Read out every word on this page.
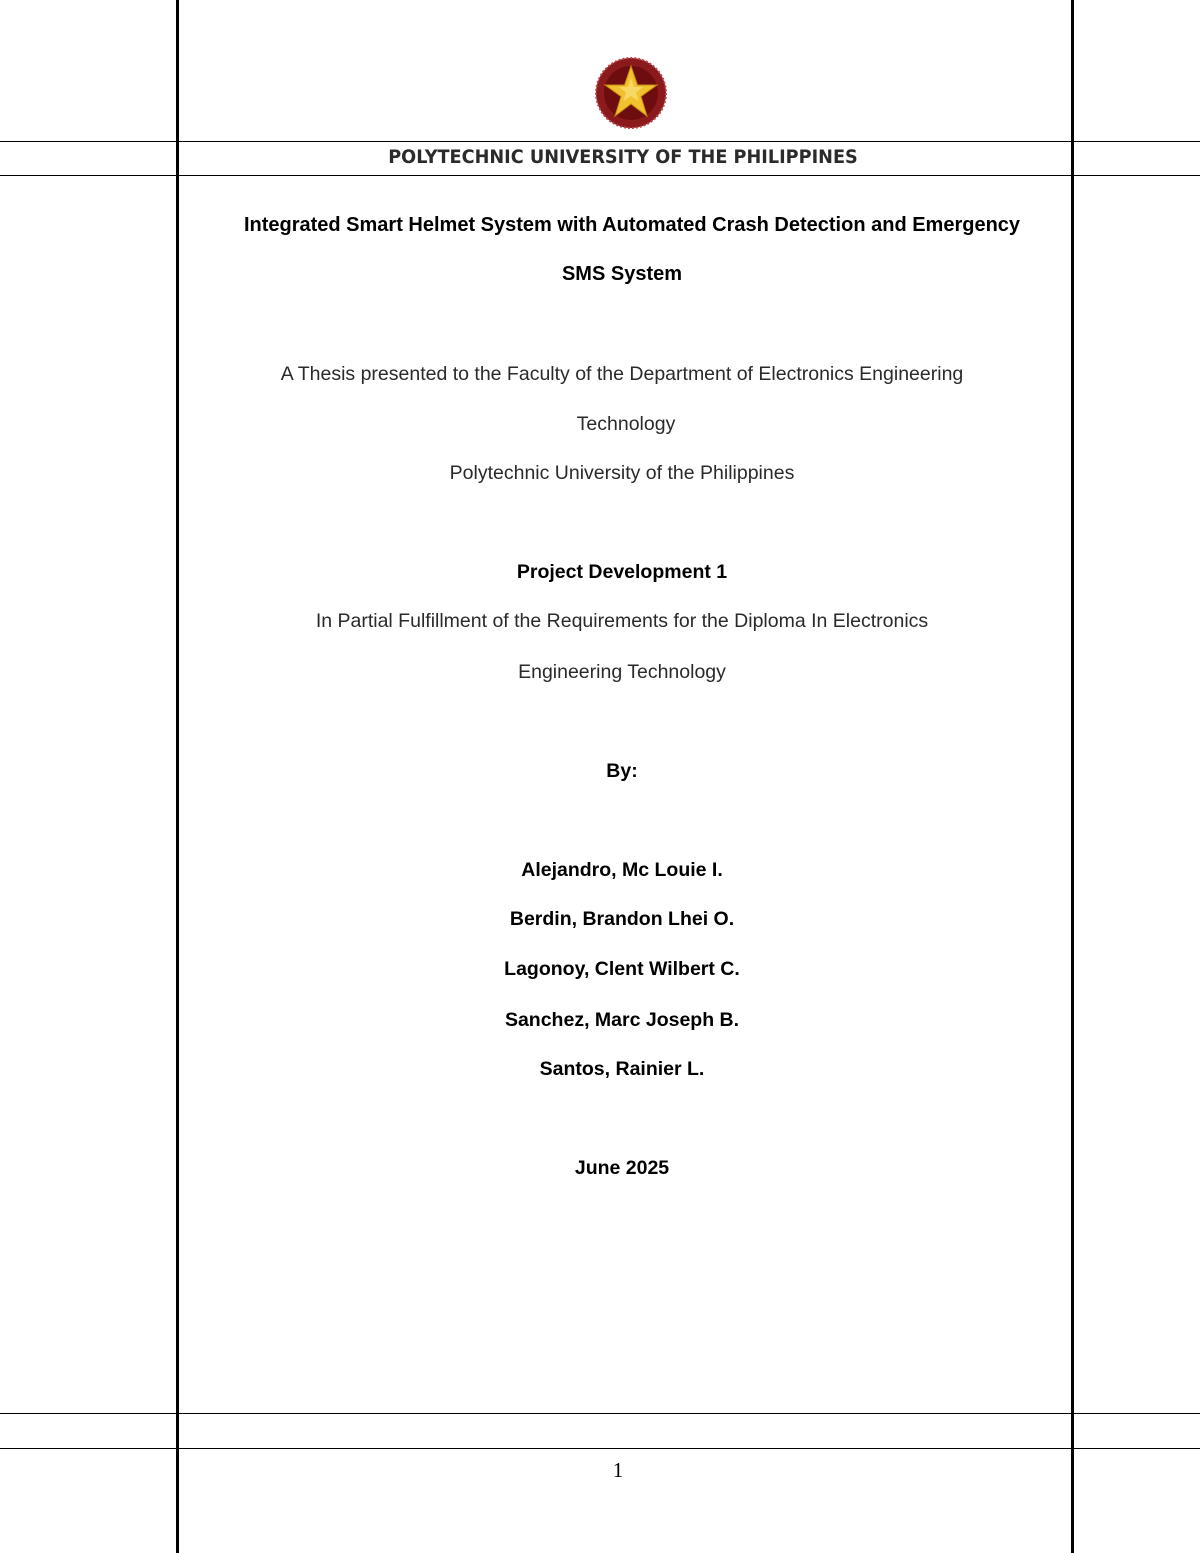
POLYTECHNIC UNIVERSITY OF THE PHILIPPINES
Integrated Smart Helmet System with Automated Crash Detection and Emergency
SMS System
A Thesis presented to the Faculty of the Department of Electronics Engineering
Technology
Polytechnic University of the Philippines
Project Development 1
In Partial Fulfillment of the Requirements for the Diploma In Electronics
Engineering Technology
By:
Alejandro, Mc Louie I.
Berdin, Brandon Lhei O.
Lagonoy, Clent Wilbert C.
Sanchez, Marc Joseph B.
Santos, Rainier L.
June 2025
1
